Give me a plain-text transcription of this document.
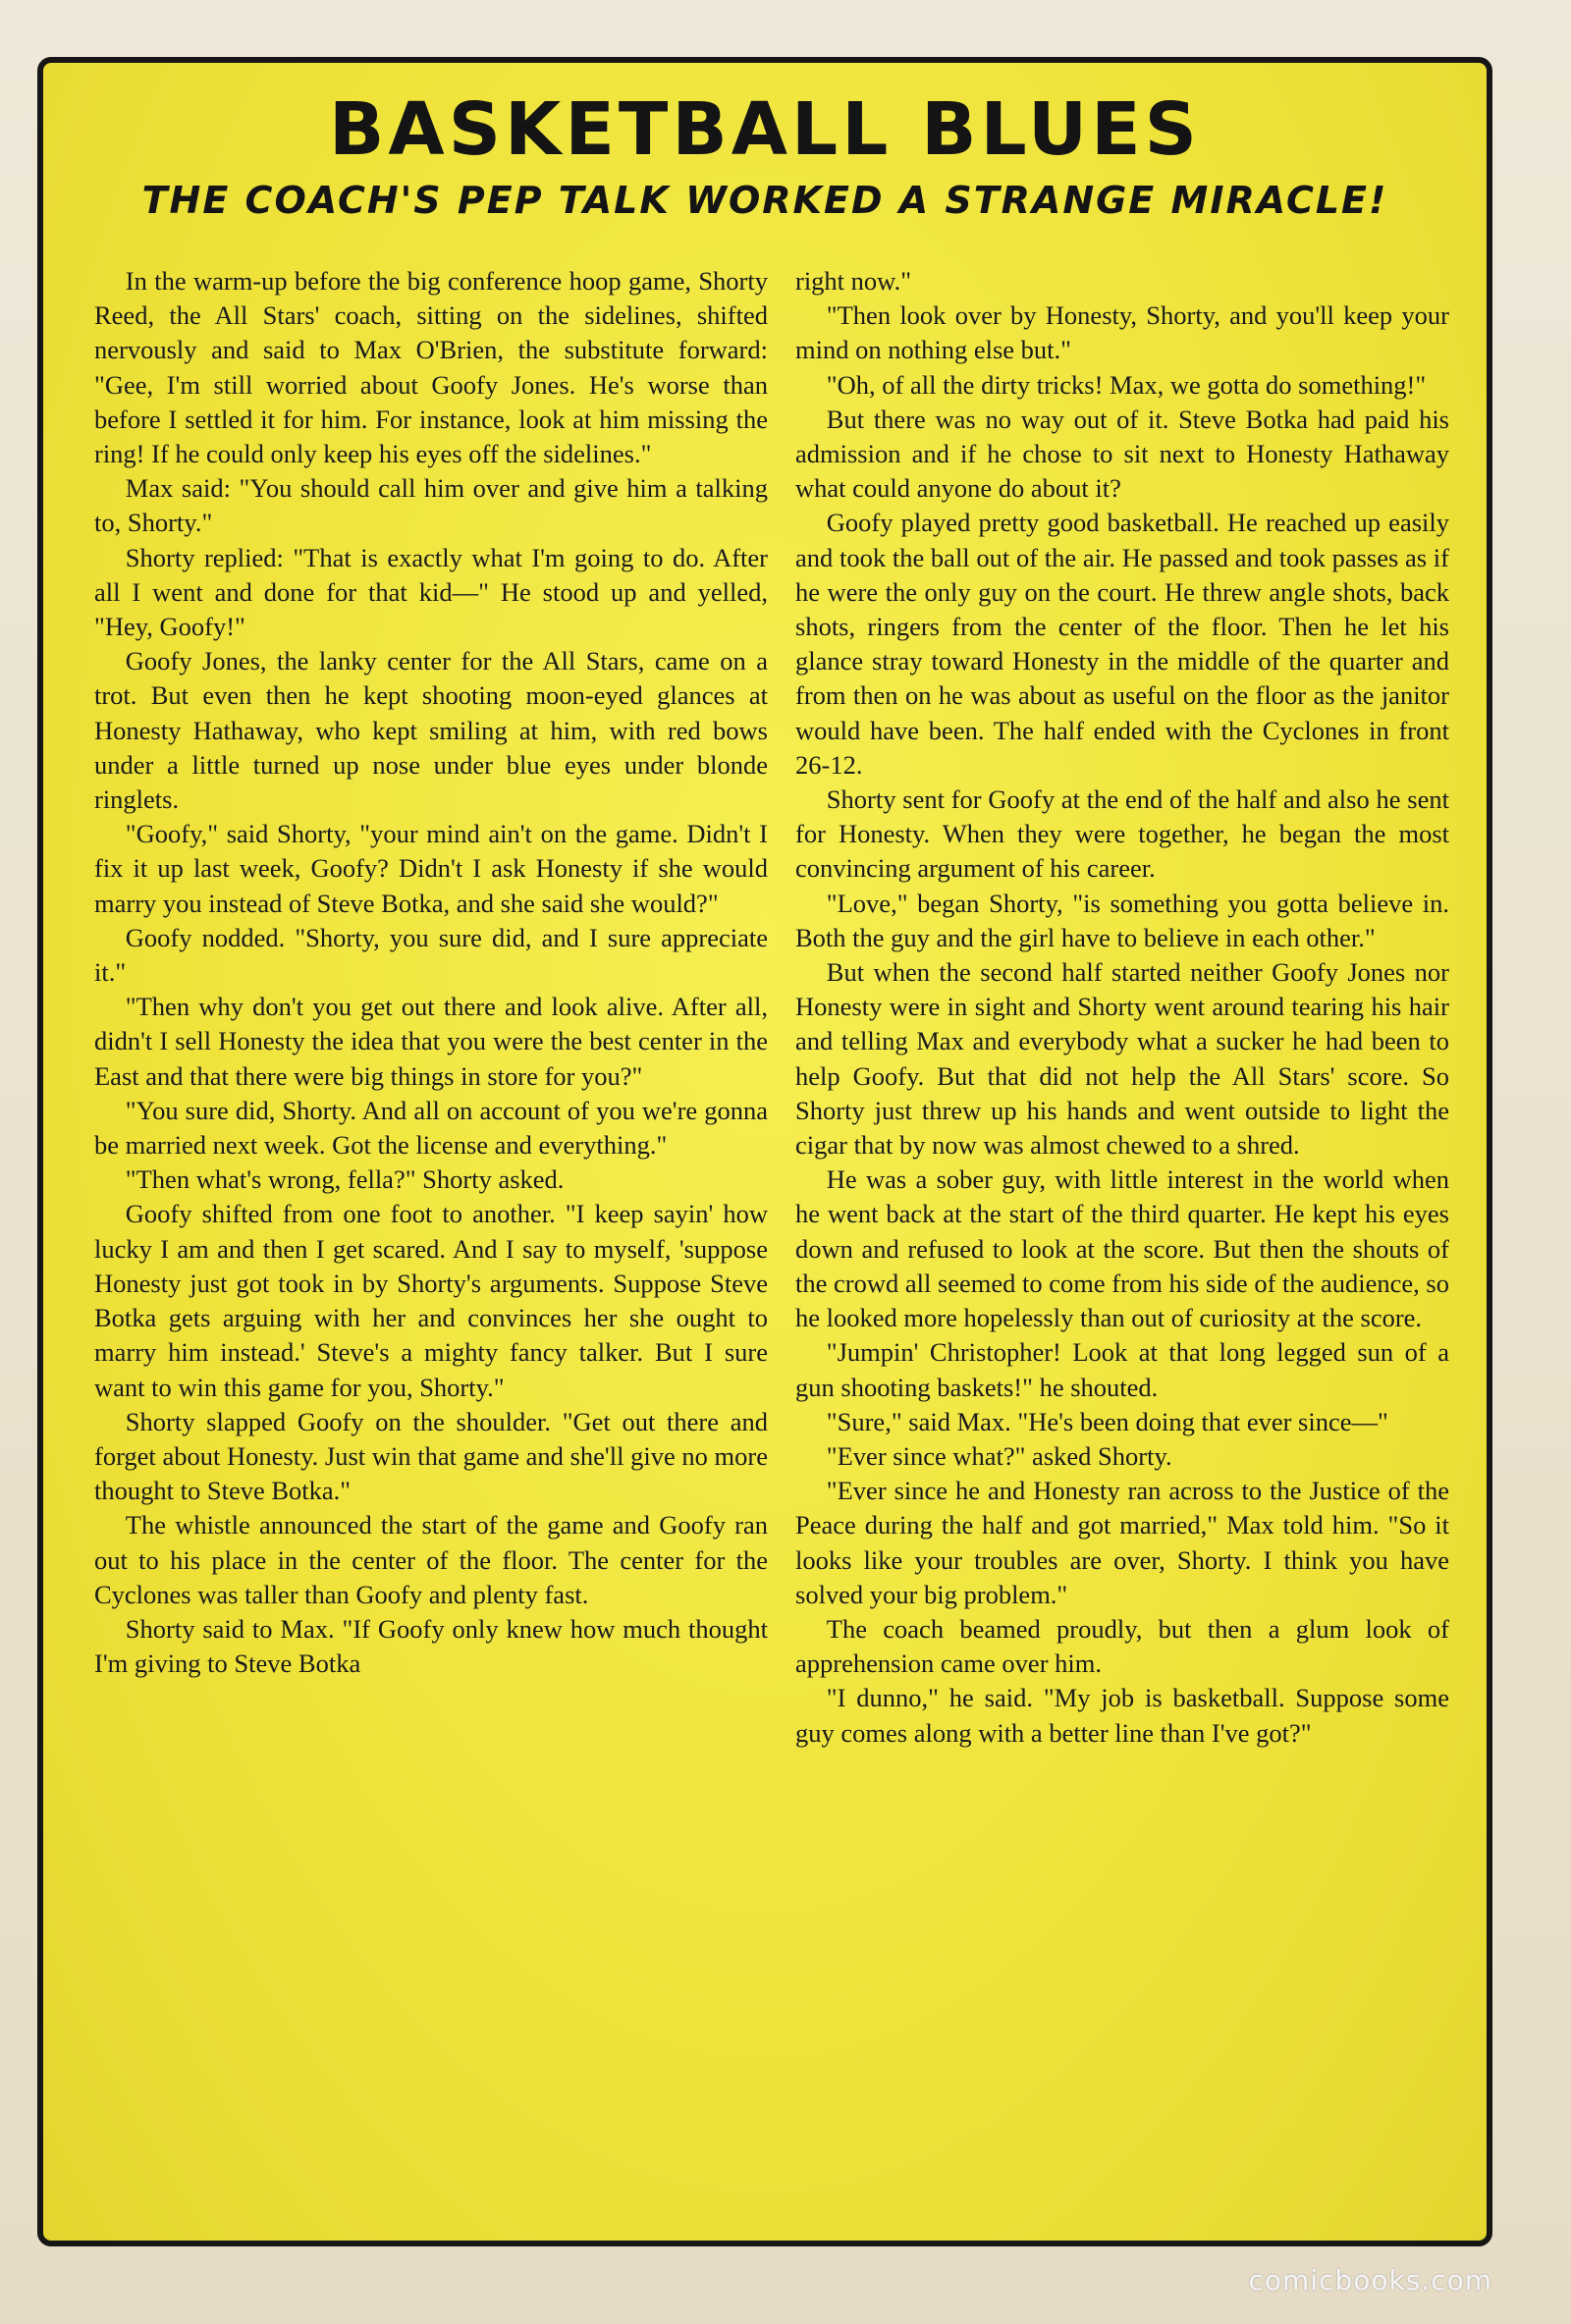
BASKETBALL BLUES
THE COACH'S PEP TALK WORKED A STRANGE MIRACLE!

In the warm-up before the big conference hoop game, Shorty Reed, the All Stars' coach, sitting on the sidelines, shifted nervously and said to Max O'Brien, the substitute forward: "Gee, I'm still worried about Goofy Jones. He's worse than before I settled it for him. For instance, look at him missing the ring! If he could only keep his eyes off the sidelines."

Max said: "You should call him over and give him a talking to, Shorty."

Shorty replied: "That is exactly what I'm going to do. After all I went and done for that kid—" He stood up and yelled, "Hey, Goofy!"

Goofy Jones, the lanky center for the All Stars, came on a trot. But even then he kept shooting moon-eyed glances at Honesty Hathaway, who kept smiling at him, with red bows under a little turned up nose under blue eyes under blonde ringlets.

"Goofy," said Shorty, "your mind ain't on the game. Didn't I fix it up last week, Goofy? Didn't I ask Honesty if she would marry you instead of Steve Botka, and she said she would?"

Goofy nodded. "Shorty, you sure did, and I sure appreciate it."

"Then why don't you get out there and look alive. After all, didn't I sell Honesty the idea that you were the best center in the East and that there were big things in store for you?"

"You sure did, Shorty. And all on account of you we're gonna be married next week. Got the license and everything."

"Then what's wrong, fella?" Shorty asked.

Goofy shifted from one foot to another. "I keep sayin' how lucky I am and then I get scared. And I say to myself, 'suppose Honesty just got took in by Shorty's arguments. Suppose Steve Botka gets arguing with her and convinces her she ought to marry him instead.' Steve's a mighty fancy talker. But I sure want to win this game for you, Shorty."

Shorty slapped Goofy on the shoulder. "Get out there and forget about Honesty. Just win that game and she'll give no more thought to Steve Botka."

The whistle announced the start of the game and Goofy ran out to his place in the center of the floor. The center for the Cyclones was taller than Goofy and plenty fast.

Shorty said to Max. "If Goofy only knew how much thought I'm giving to Steve Botka

right now."

"Then look over by Honesty, Shorty, and you'll keep your mind on nothing else but."

"Oh, of all the dirty tricks! Max, we gotta do something!"

But there was no way out of it. Steve Botka had paid his admission and if he chose to sit next to Honesty Hathaway what could anyone do about it?

Goofy played pretty good basketball. He reached up easily and took the ball out of the air. He passed and took passes as if he were the only guy on the court. He threw angle shots, back shots, ringers from the center of the floor. Then he let his glance stray toward Honesty in the middle of the quarter and from then on he was about as useful on the floor as the janitor would have been. The half ended with the Cyclones in front 26-12.

Shorty sent for Goofy at the end of the half and also he sent for Honesty. When they were together, he began the most convincing argument of his career.

"Love," began Shorty, "is something you gotta believe in. Both the guy and the girl have to believe in each other."

But when the second half started neither Goofy Jones nor Honesty were in sight and Shorty went around tearing his hair and telling Max and everybody what a sucker he had been to help Goofy. But that did not help the All Stars' score. So Shorty just threw up his hands and went outside to light the cigar that by now was almost chewed to a shred.

He was a sober guy, with little interest in the world when he went back at the start of the third quarter. He kept his eyes down and refused to look at the score. But then the shouts of the crowd all seemed to come from his side of the audience, so he looked more hopelessly than out of curiosity at the score.

"Jumpin' Christopher! Look at that long legged sun of a gun shooting baskets!" he shouted.

"Sure," said Max. "He's been doing that ever since—"

"Ever since what?" asked Shorty.

"Ever since he and Honesty ran across to the Justice of the Peace during the half and got married," Max told him. "So it looks like your troubles are over, Shorty. I think you have solved your big problem."

The coach beamed proudly, but then a glum look of apprehension came over him.

"I dunno," he said. "My job is basketball. Suppose some guy comes along with a better line than I've got?"

comicbooks.com
